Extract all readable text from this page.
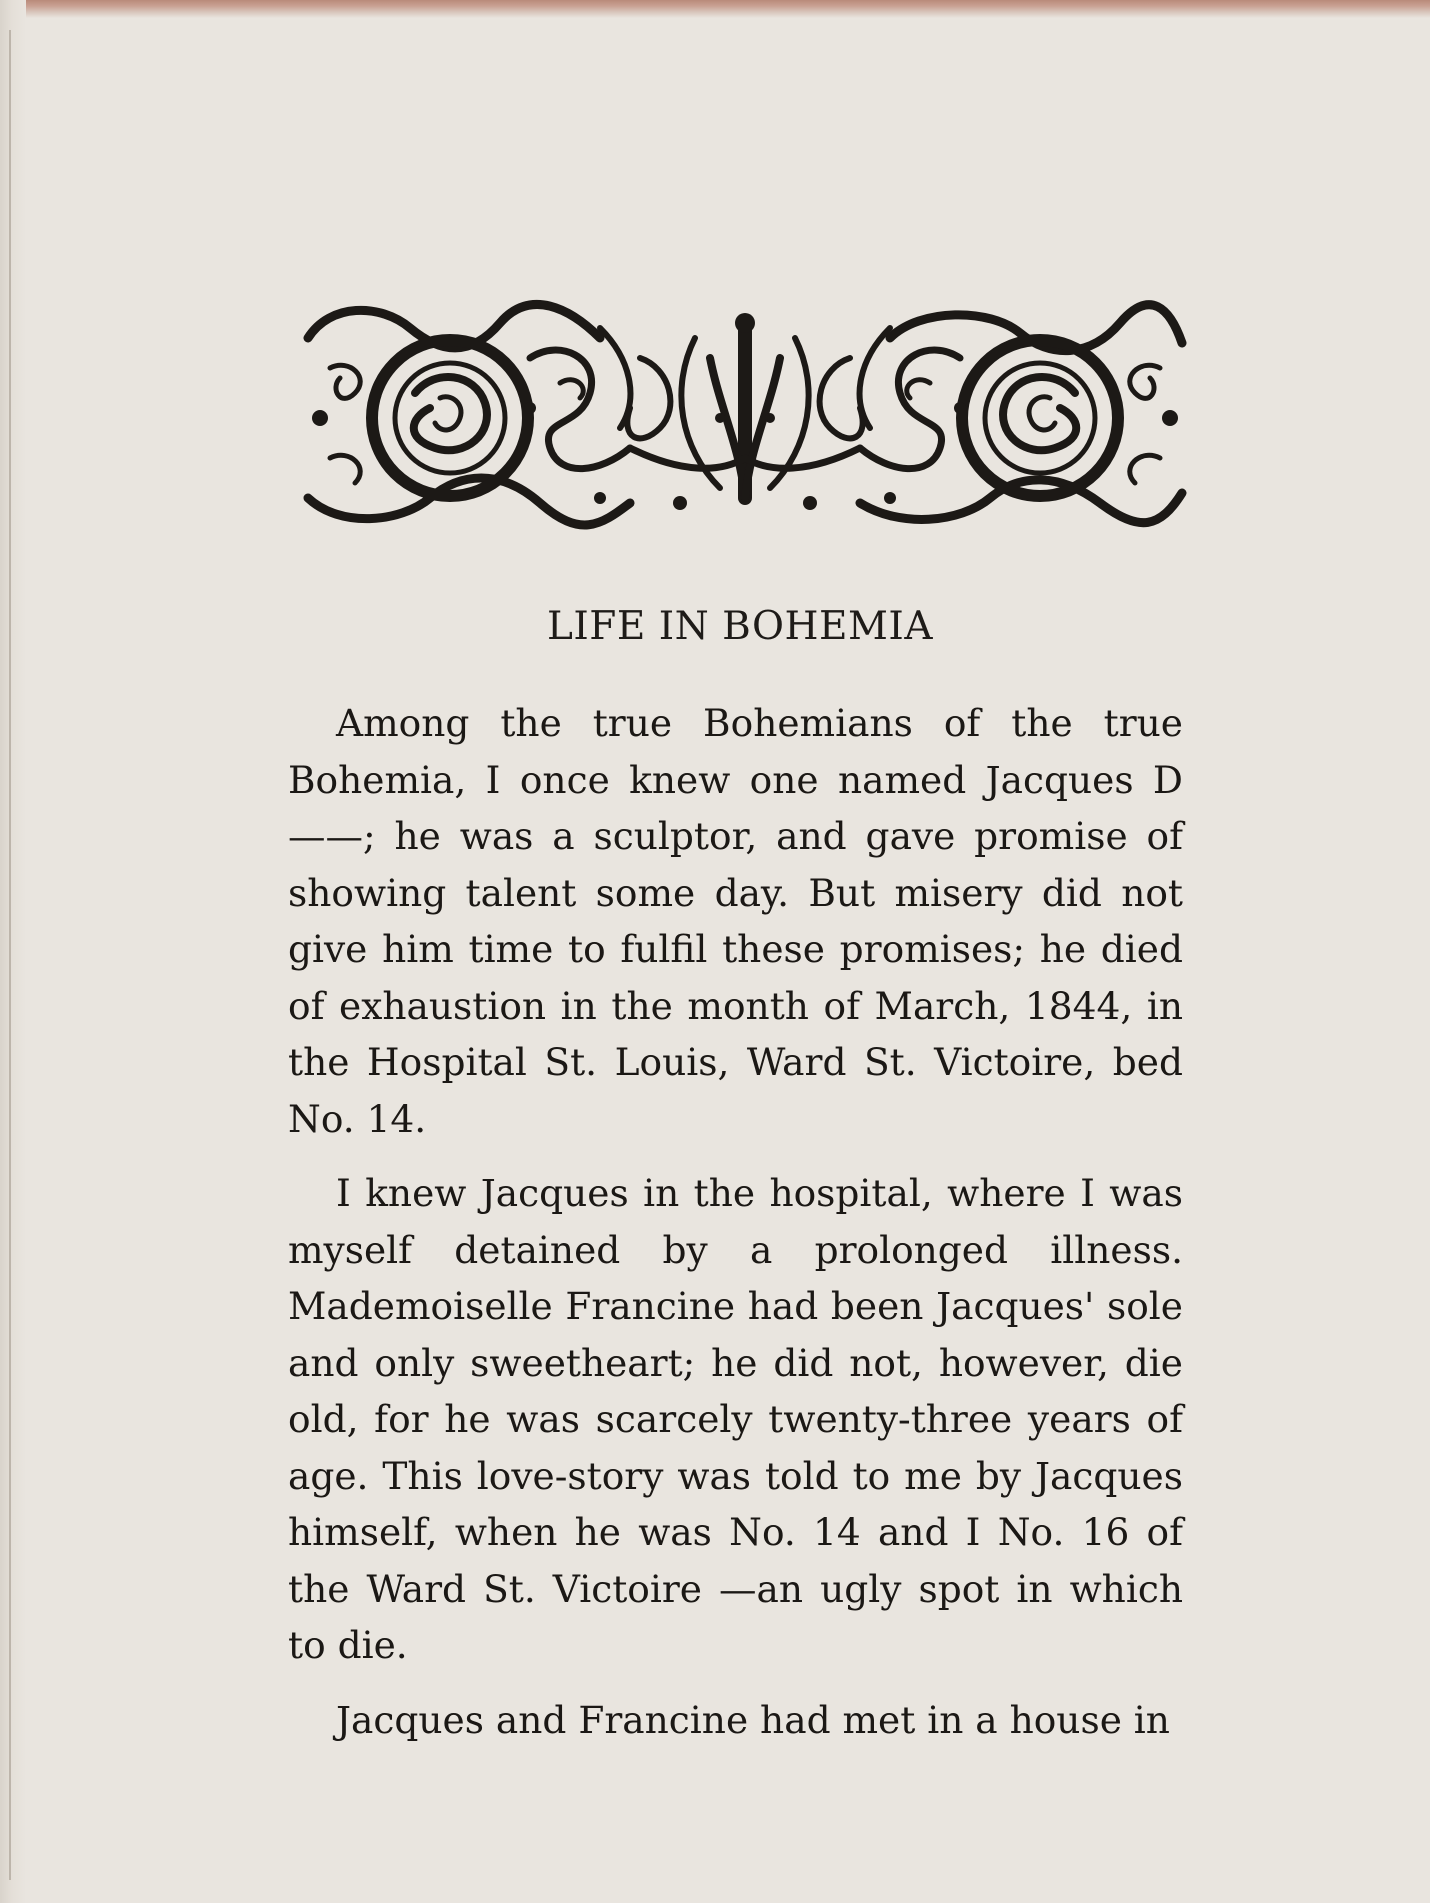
LIFE IN BOHEMIA

Among the true Bohemians of the true Bohemia, I once knew one named Jacques D——; he was a sculptor, and gave promise of showing talent some day. But misery did not give him time to fulfil these promises; he died of exhaustion in the month of March, 1844, in the Hospital St. Louis, Ward St. Victoire, bed No. 14.

I knew Jacques in the hospital, where I was myself detained by a prolonged illness. Mademoiselle Francine had been Jacques' sole and only sweetheart; he did not, however, die old, for he was scarcely twenty-three years of age. This love-story was told to me by Jacques himself, when he was No. 14 and I No. 16 of the Ward St. Victoire —an ugly spot in which to die.

Jacques and Francine had met in a house in
